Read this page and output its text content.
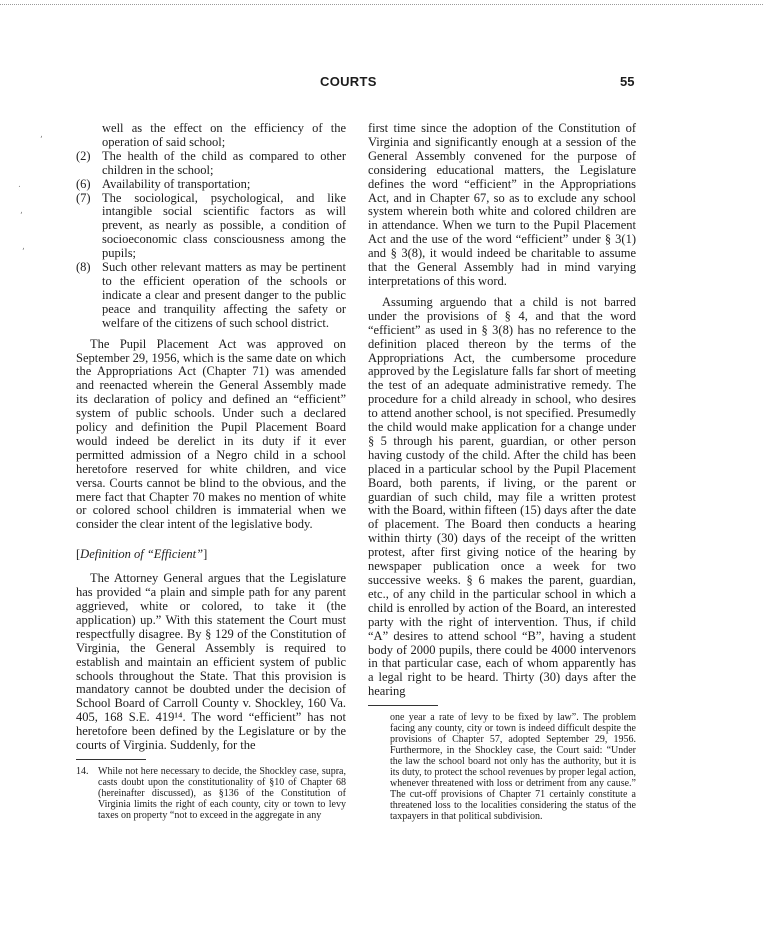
COURTS	55
,
.
,
,

well as the effect on the efficiency of the operation of said school;

(2) The health of the child as compared to other children in the school;
(6) Availability of transportation;
(7) The sociological, psychological, and like intangible social scientific factors as will prevent, as nearly as possible, a condition of socioeconomic class consciousness among the pupils;
(8) Such other relevant matters as may be pertinent to the efficient operation of the schools or indicate a clear and present danger to the public peace and tranquility affecting the safety or welfare of the citizens of such school district.

The Pupil Placement Act was approved on September 29, 1956, which is the same date on which the Appropriations Act (Chapter 71) was amended and reenacted wherein the General Assembly made its declaration of policy and defined an “efficient” system of public schools. Under such a declared policy and definition the Pupil Placement Board would indeed be derelict in its duty if it ever permitted admission of a Negro child in a school heretofore reserved for white children, and vice versa. Courts cannot be blind to the obvious, and the mere fact that Chapter 70 makes no mention of white or colored school children is immaterial when we consider the clear intent of the legislative body.

[Definition of “Efficient”]

The Attorney General argues that the Legislature has provided “a plain and simple path for any parent aggrieved, white or colored, to take it (the application) up.” With this statement the Court must respectfully disagree. By § 129 of the Constitution of Virginia, the General Assembly is required to establish and maintain an efficient system of public schools throughout the State. That this provision is mandatory cannot be doubted under the decision of School Board of Carroll County v. Shockley, 160 Va. 405, 168 S.E. 419¹⁴. The word “efficient” has not heretofore been defined by the Legislature or by the courts of Virginia. Suddenly, for the

14. While not here necessary to decide, the Shockley case, supra, casts doubt upon the constitutionality of §10 of Chapter 68 (hereinafter discussed), as §136 of the Constitution of Virginia limits the right of each county, city or town to levy taxes on property “not to exceed in the aggregate in any

first time since the adoption of the Constitution of Virginia and significantly enough at a session of the General Assembly convened for the purpose of considering educational matters, the Legislature defines the word “efficient” in the Appropriations Act, and in Chapter 67, so as to exclude any school system wherein both white and colored children are in attendance. When we turn to the Pupil Placement Act and the use of the word “efficient” under § 3(1) and § 3(8), it would indeed be charitable to assume that the General Assembly had in mind varying interpretations of this word.

Assuming arguendo that a child is not barred under the provisions of § 4, and that the word “efficient” as used in § 3(8) has no reference to the definition placed thereon by the terms of the Appropriations Act, the cumbersome procedure approved by the Legislature falls far short of meeting the test of an adequate administrative remedy. The procedure for a child already in school, who desires to attend another school, is not specified. Presumedly the child would make application for a change under § 5 through his parent, guardian, or other person having custody of the child. After the child has been placed in a particular school by the Pupil Placement Board, both parents, if living, or the parent or guardian of such child, may file a written protest with the Board, within fifteen (15) days after the date of placement. The Board then conducts a hearing within thirty (30) days of the receipt of the written protest, after first giving notice of the hearing by newspaper publication once a week for two successive weeks. § 6 makes the parent, guardian, etc., of any child in the particular school in which a child is enrolled by action of the Board, an interested party with the right of intervention. Thus, if child “A” desires to attend school “B”, having a student body of 2000 pupils, there could be 4000 intervenors in that particular case, each of whom apparently has a legal right to be heard. Thirty (30) days after the hearing

one year a rate of levy to be fixed by law”. The problem facing any county, city or town is indeed difficult despite the provisions of Chapter 57, adopted September 29, 1956. Furthermore, in the Shockley case, the Court said: “Under the law the school board not only has the authority, but it is its duty, to protect the school revenues by proper legal action, whenever threatened with loss or detriment from any cause.” The cut-off provisions of Chapter 71 certainly constitute a threatened loss to the localities considering the status of the taxpayers in that political subdivision.
